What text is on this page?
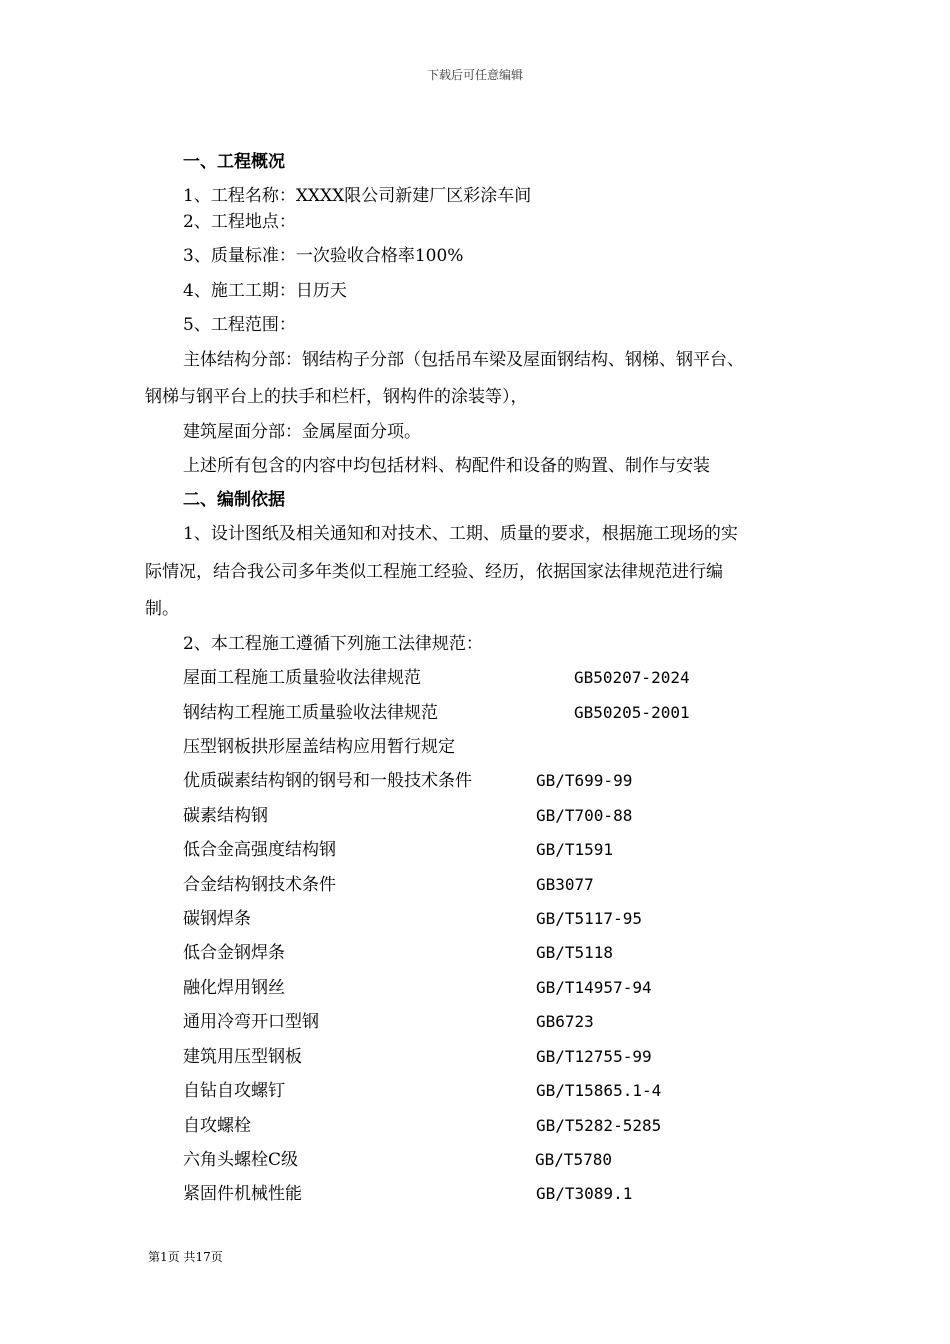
下载后可任意编辑
一、工程概况
1、工程名称：XXXX限公司新建厂区彩涂车间
2、工程地点：
3、质量标准：一次验收合格率100%
4、施工工期：日历天
5、工程范围：
主体结构分部：钢结构子分部（包括吊车梁及屋面钢结构、钢梯、钢平台、
钢梯与钢平台上的扶手和栏杆，钢构件的涂装等），
建筑屋面分部：金属屋面分项。
上述所有包含的内容中均包括材料、构配件和设备的购置、制作与安装
二、编制依据
1、设计图纸及相关通知和对技术、工期、质量的要求，根据施工现场的实
际情况，结合我公司多年类似工程施工经验、经历，依据国家法律规范进行编
制。
2、本工程施工遵循下列施工法律规范：
屋面工程施工质量验收法律规范	GB50207-2024
钢结构工程施工质量验收法律规范	GB50205-2001
压型钢板拱形屋盖结构应用暂行规定
优质碳素结构钢的钢号和一般技术条件	GB/T699-99
碳素结构钢	GB/T700-88
低合金高强度结构钢	GB/T1591
合金结构钢技术条件	GB3077
碳钢焊条	GB/T5117-95
低合金钢焊条	GB/T5118
融化焊用钢丝	GB/T14957-94
通用冷弯开口型钢	GB6723
建筑用压型钢板	GB/T12755-99
自钻自攻螺钉	GB/T15865.1-4
自攻螺栓	GB/T5282-5285
六角头螺栓C级	GB/T5780
紧固件机械性能	GB/T3089.1
第1页 共17页
